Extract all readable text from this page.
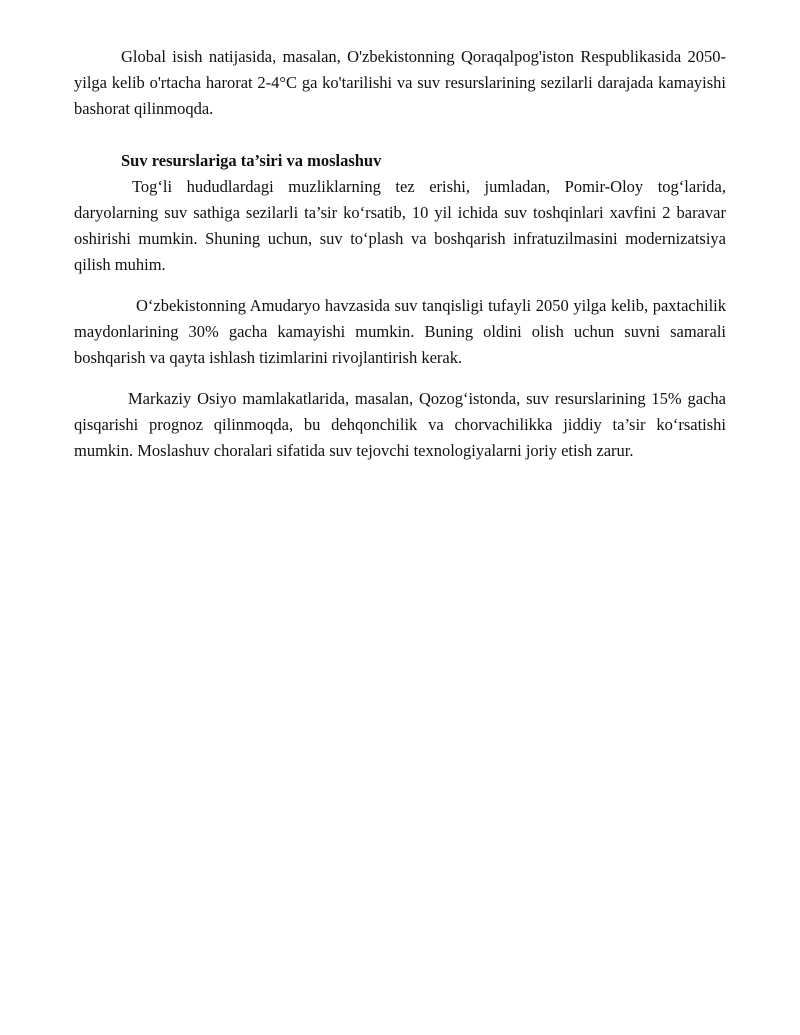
Global isish natijasida, masalan, O'zbekistonning Qoraqalpog'iston Respublikasida 2050-yilga kelib o'rtacha harorat 2-4°C ga ko'tarilishi va suv resurslarining sezilarli darajada kamayishi bashorat qilinmoqda.

Suv resurslariga ta’siri va moslashuv

Tog‘li hududlardagi muzliklarning tez erishi, jumladan, Pomir-Oloy tog‘larida, daryolarning suv sathiga sezilarli ta’sir ko‘rsatib, 10 yil ichida suv toshqinlari xavfini 2 baravar oshirishi mumkin. Shuning uchun, suv to‘plash va boshqarish infratuzilmasini modernizatsiya qilish muhim.

O‘zbekistonning Amudaryo havzasida suv tanqisligi tufayli 2050 yilga kelib, paxtachilik maydonlarining 30% gacha kamayishi mumkin. Buning oldini olish uchun suvni samarali boshqarish va qayta ishlash tizimlarini rivojlantirish kerak.

Markaziy Osiyo mamlakatlarida, masalan, Qozog‘istonda, suv resurslarining 15% gacha qisqarishi prognoz qilinmoqda, bu dehqonchilik va chorvachilikka jiddiy ta’sir ko‘rsatishi mumkin. Moslashuv choralari sifatida suv tejovchi texnologiyalarni joriy etish zarur.
